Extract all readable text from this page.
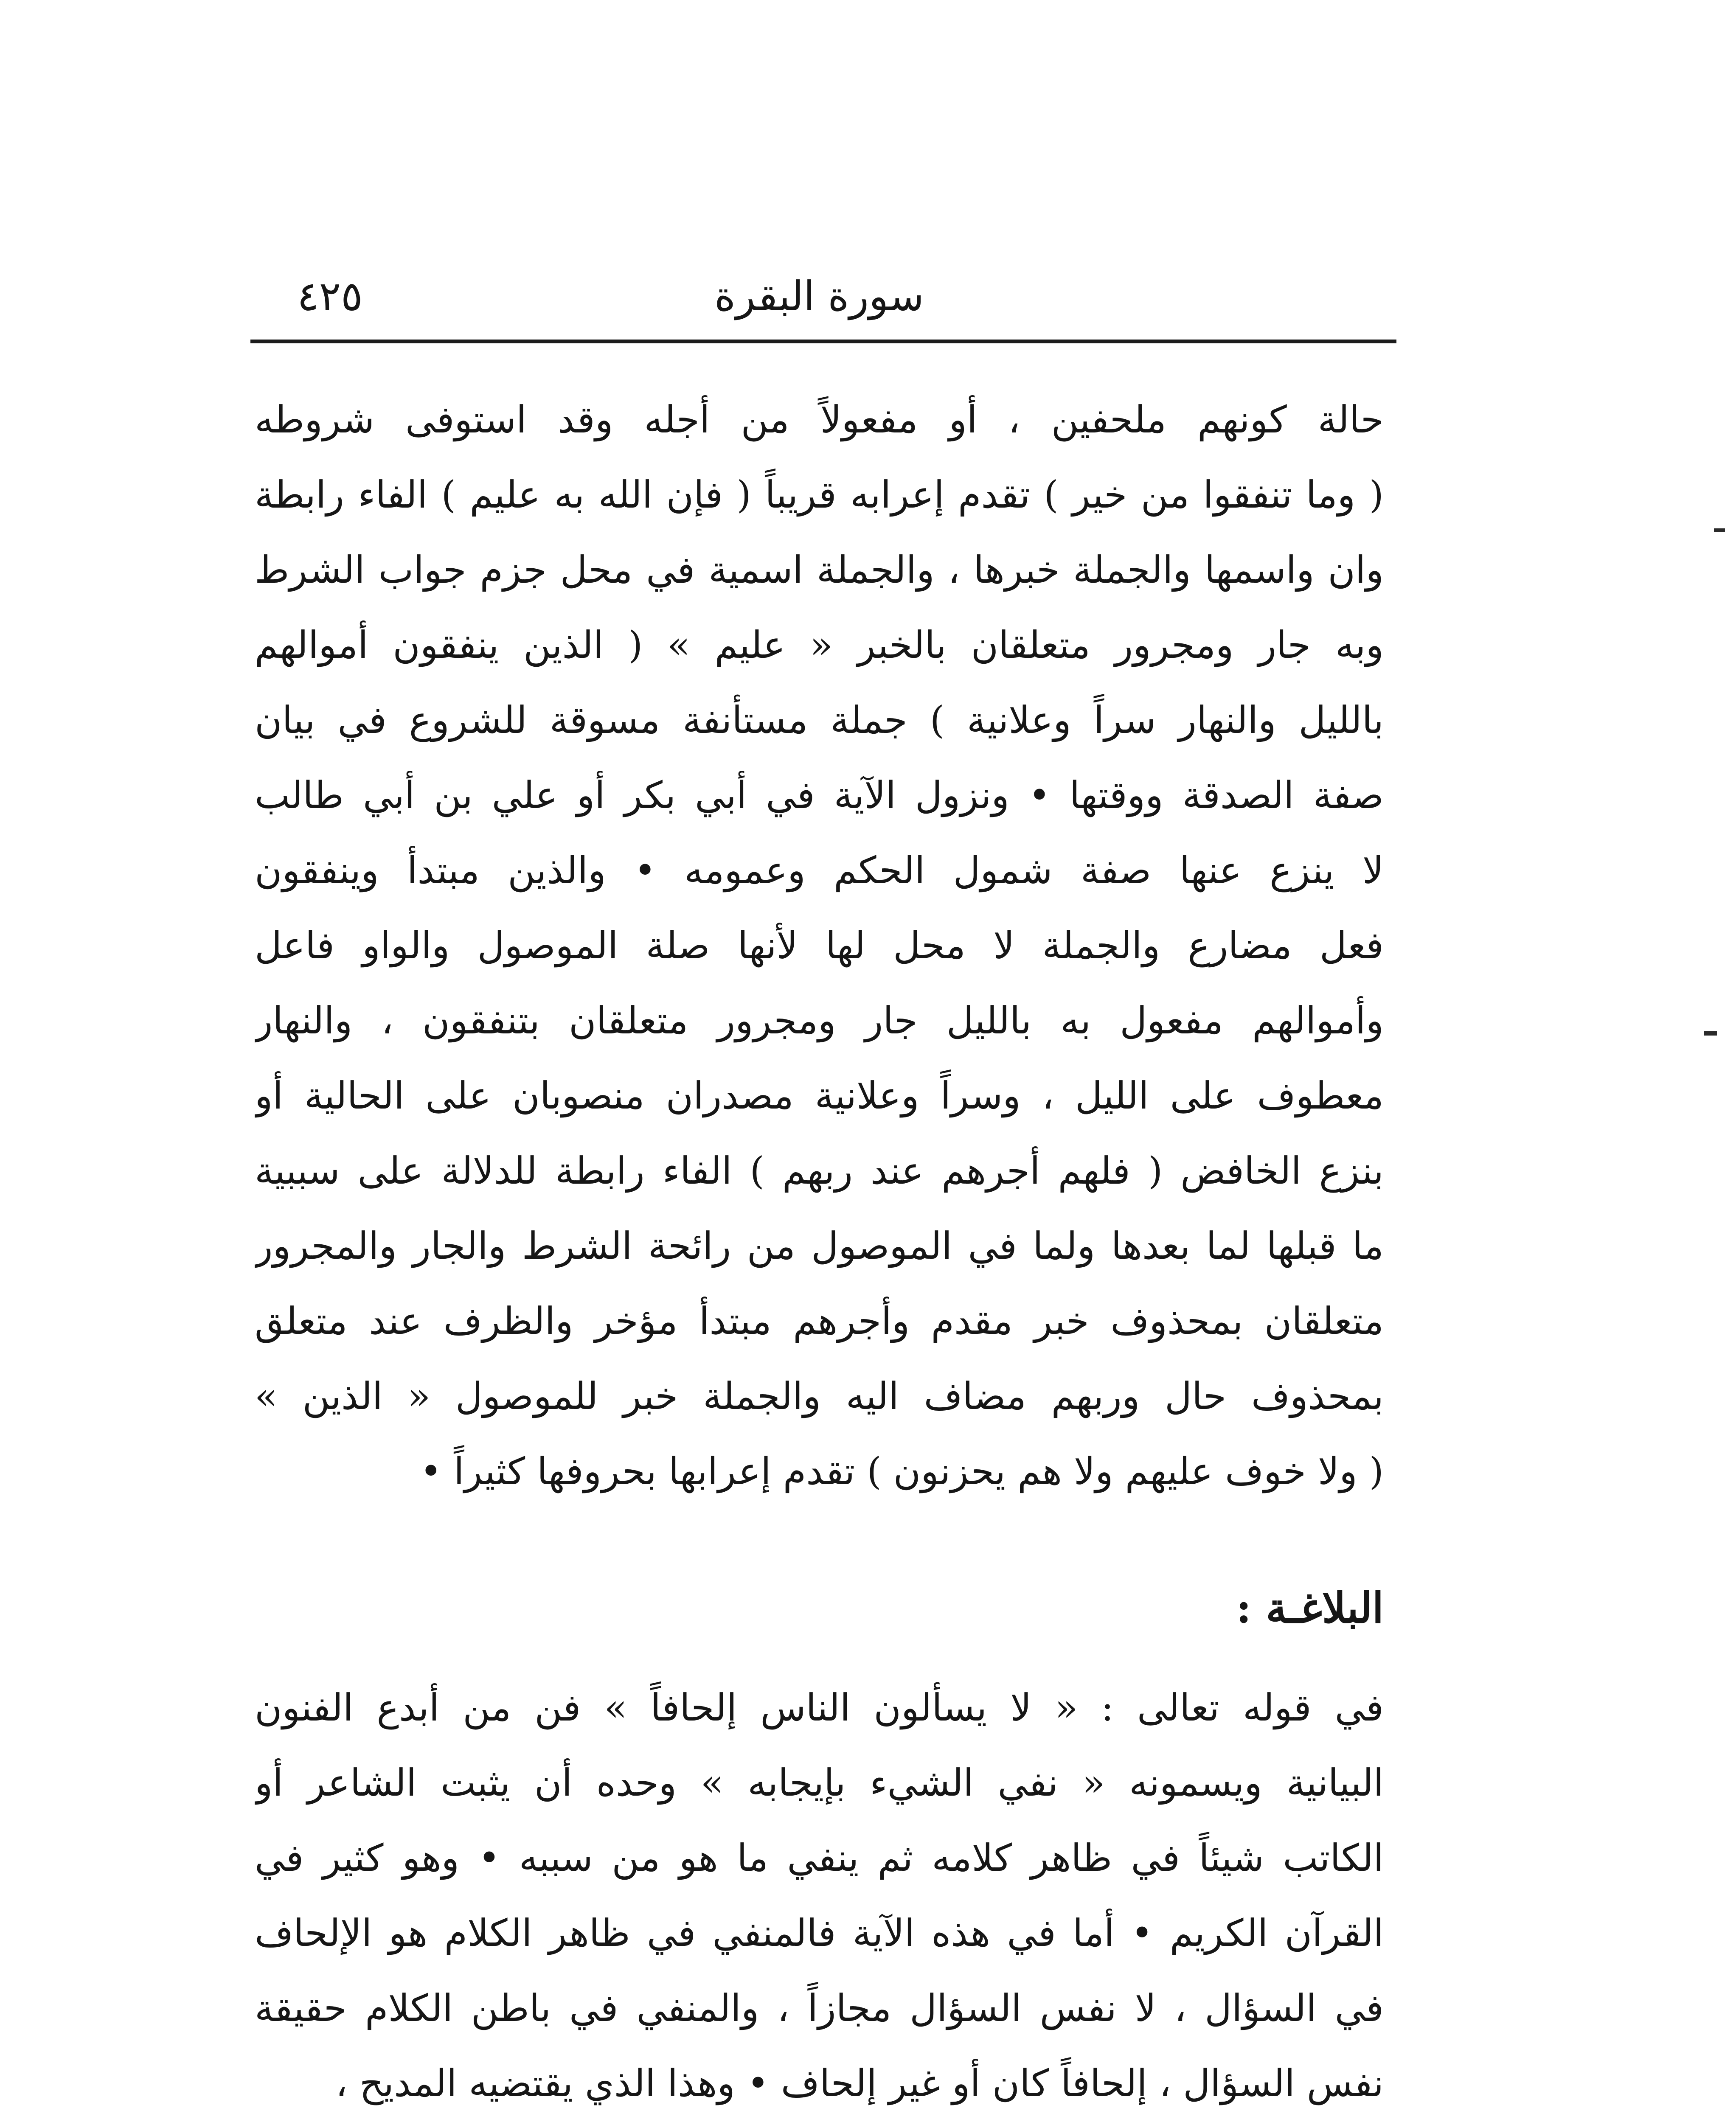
سورة البقرة
٤٢٥
حالة كونهم ملحفين ، أو مفعولاً من أجله وقد استوفى شروطه
( وما تنفقوا من خير ) تقدم إعرابه قريباً ( فإن الله به عليم ) الفاء رابطة
وان واسمها والجملة خبرها ، والجملة اسمية في محل جزم جواب الشرط
وبه جار ومجرور متعلقان بالخبر « عليم » ( الذين ينفقون أموالهم
بالليل والنهار سراً وعلانية ) جملة مستأنفة مسوقة للشروع في بيان
صفة الصدقة ووقتها • ونزول الآية في أبي بكر أو علي بن أبي طالب
لا ينزع عنها صفة شمول الحكم وعمومه • والذين مبتدأ وينفقون
فعل مضارع والجملة لا محل لها لأنها صلة الموصول والواو فاعل
وأموالهم مفعول به بالليل جار ومجرور متعلقان بتنفقون ، والنهار
معطوف على الليل ، وسراً وعلانية مصدران منصوبان على الحالية أو
بنزع الخافض ( فلهم أجرهم عند ربهم ) الفاء رابطة للدلالة على سببية
ما قبلها لما بعدها ولما في الموصول من رائحة الشرط والجار والمجرور
متعلقان بمحذوف خبر مقدم وأجرهم مبتدأ مؤخر والظرف عند متعلق
بمحذوف حال وربهم مضاف اليه والجملة خبر للموصول « الذين »
( ولا خوف عليهم ولا هم يحزنون ) تقدم إعرابها بحروفها كثيراً •
البلاغـة :
في قوله تعالى : « لا يسألون الناس إلحافاً » فن من أبدع الفنون
البيانية ويسمونه « نفي الشيء بإيجابه » وحده أن يثبت الشاعر أو
الكاتب شيئاً في ظاهر كلامه ثم ينفي ما هو من سببه • وهو كثير في
القرآن الكريم • أما في هذه الآية فالمنفي في ظاهر الكلام هو الإلحاف
في السؤال ، لا نفس السؤال مجازاً ، والمنفي في باطن الكلام حقيقة
نفس السؤال ، إلحافاً كان أو غير إلحاف • وهذا الذي يقتضيه المديح ،
